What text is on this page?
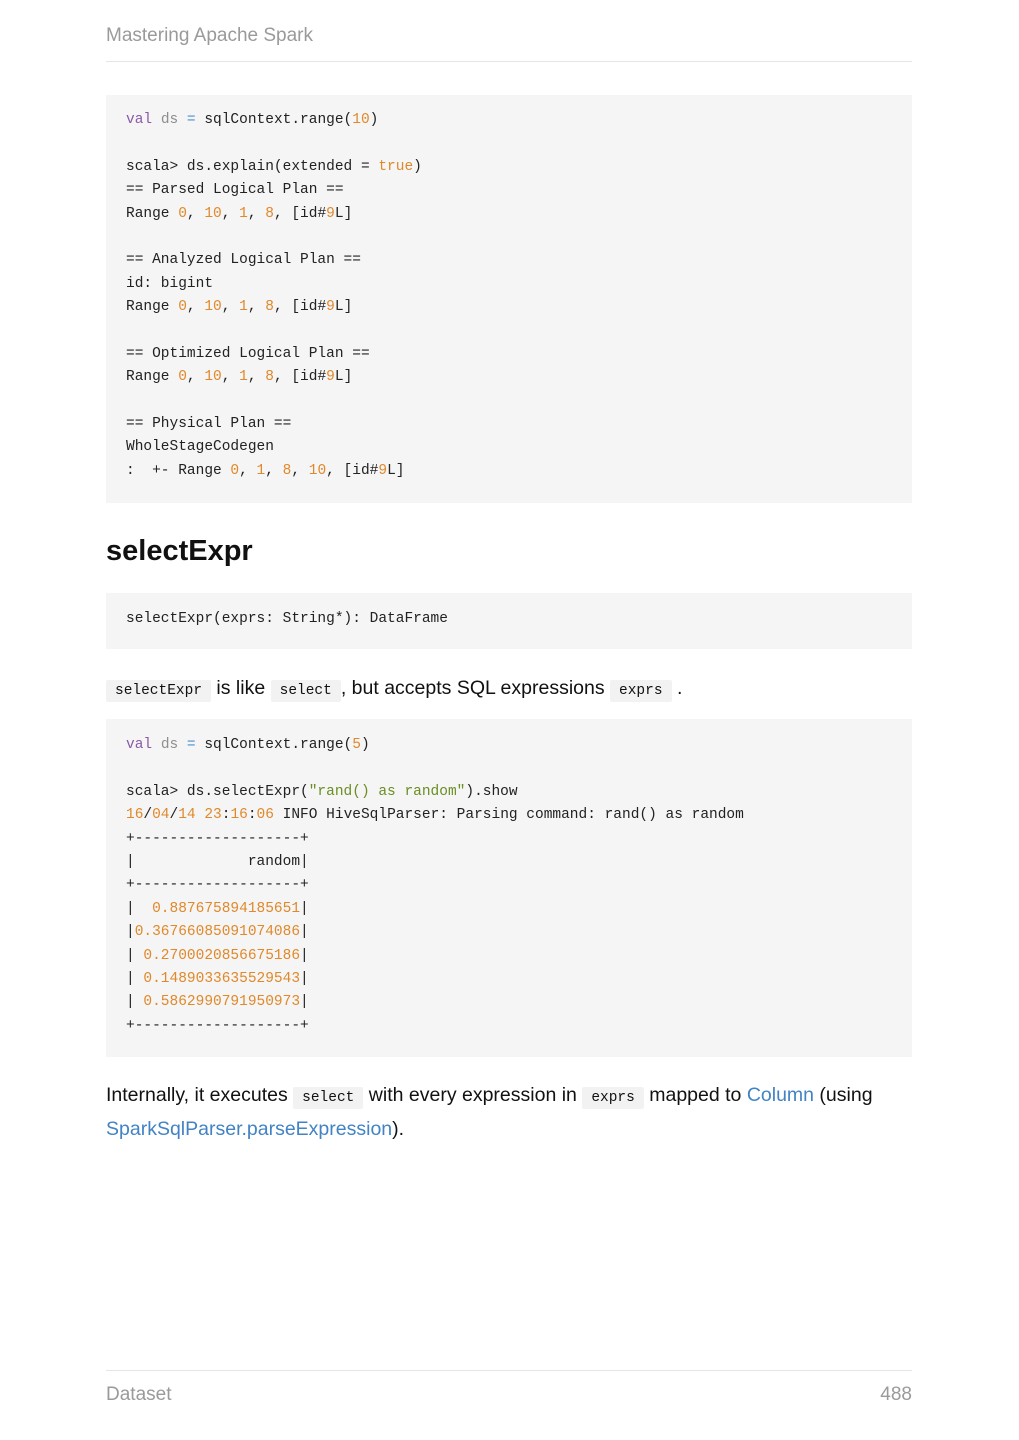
Mastering Apache Spark
val ds = sqlContext.range(10)
scala> ds.explain(extended = true)
== Parsed Logical Plan ==
Range 0, 10, 1, 8, [id#9L]
== Analyzed Logical Plan ==
id: bigint
Range 0, 10, 1, 8, [id#9L]
== Optimized Logical Plan ==
Range 0, 10, 1, 8, [id#9L]
== Physical Plan ==
WholeStageCodegen
:  +- Range 0, 1, 8, 10, [id#9L]
selectExpr
selectExpr(exprs: String*): DataFrame
selectExpr is like select , but accepts SQL expressions exprs .
val ds = sqlContext.range(5)
scala> ds.selectExpr("rand() as random").show
16/04/14 23:16:06 INFO HiveSqlParser: Parsing command: rand() as random
+-------------------+
|             random|
+-------------------+
|  0.887675894185651|
|0.36766085091074086|
| 0.2700020856675186|
| 0.1489033635529543|
| 0.5862990791950973|
+-------------------+
Internally, it executes select with every expression in exprs mapped to Column (using SparkSqlParser.parseExpression).
Dataset	488
